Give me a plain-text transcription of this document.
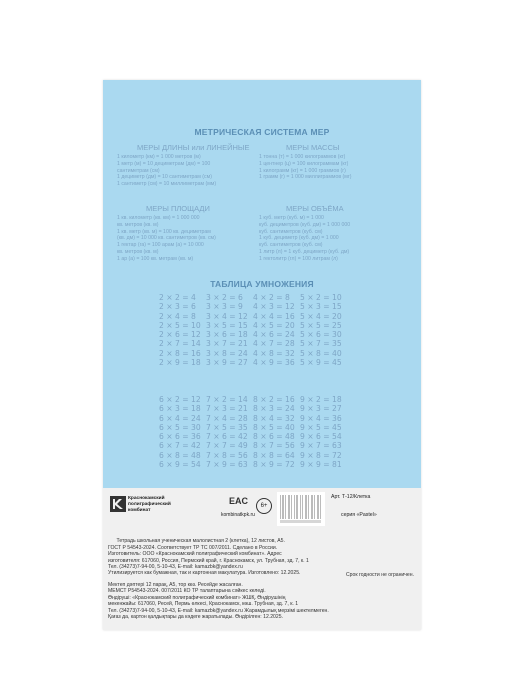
МЕТРИЧЕСКАЯ СИСТЕМА МЕР
МЕРЫ ДЛИНЫ или ЛИНЕЙНЫЕ
1 километр (км) = 1 000 метров (м)
1 метр (м) = 10 дециметрам (дм) = 100
сантиметрам (см)
1 дециметр (дм) = 10 сантиметрам (см)
1 сантиметр (см) = 10 миллиметрам (мм)
МЕРЫ МАССЫ
1 тонна (т) = 1 000 килограммов (кг)
1 центнер (ц) = 100 килограммам (кг)
1 килограмм (кг) = 1 000 граммов (г)
1 грамм (г) = 1 000 миллиграммов (мг)
МЕРЫ ПЛОЩАДИ
1 кв. километр (кв. км) = 1 000 000
кв. метров (кв. м)
1 кв. метр (кв. м) = 100 кв. дециметрам
(кв. дм) = 10 000 кв. сантиметров (кв. см)
1 гектар (га) = 100 арам (а) = 10 000
кв. метров (кв. м)
1 ар (а) = 100 кв. метрам (кв. м)
МЕРЫ ОБЪЁМА
1 куб. метр (куб. м) = 1 000
куб. дециметров (куб. дм) = 1 000 000
куб. сантиметров (куб. см)
1 куб. дециметр (куб. дм) = 1 000
куб. сантиметров (куб. см)
1 литр (л) = 1 куб. дециметр (куб. дм)
1 гектолитр (гл) = 100 литрам (л)
ТАБЛИЦА УМНОЖЕНИЯ
2 × 2 = 4
2 × 3 = 6
2 × 4 = 8
2 × 5 = 10
2 × 6 = 12
2 × 7 = 14
2 × 8 = 16
2 × 9 = 18
3 × 2 = 6
3 × 3 = 9
3 × 4 = 12
3 × 5 = 15
3 × 6 = 18
3 × 7 = 21
3 × 8 = 24
3 × 9 = 27
4 × 2 = 8
4 × 3 = 12
4 × 4 = 16
4 × 5 = 20
4 × 6 = 24
4 × 7 = 28
4 × 8 = 32
4 × 9 = 36
5 × 2 = 10
5 × 3 = 15
5 × 4 = 20
5 × 5 = 25
5 × 6 = 30
5 × 7 = 35
5 × 8 = 40
5 × 9 = 45
6 × 2 = 12
6 × 3 = 18
6 × 4 = 24
6 × 5 = 30
6 × 6 = 36
6 × 7 = 42
6 × 8 = 48
6 × 9 = 54
7 × 2 = 14
7 × 3 = 21
7 × 4 = 28
7 × 5 = 35
7 × 6 = 42
7 × 7 = 49
7 × 8 = 56
7 × 9 = 63
8 × 2 = 16
8 × 3 = 24
8 × 4 = 32
8 × 5 = 40
8 × 6 = 48
8 × 7 = 56
8 × 8 = 64
8 × 9 = 72
9 × 2 = 18
9 × 3 = 27
9 × 4 = 36
9 × 5 = 45
9 × 6 = 54
9 × 7 = 63
9 × 8 = 72
9 × 9 = 81
Краснокамский
полиграфический
комбинат
EAC
kombinatkpk.ru
6+
Арт. Т-12/Клетка
серия «Pastel»

Тетрадь школьная ученическая малолистная 2 (клетка), 12 листов, А5.
ГОСТ Р 54543-2024. Соответствует ТР ТС 007/2011. Сделано в России.
Изготовитель: ООО «Краснокамский полиграфический комбинат». Адрес
изготовителя: 617060, Россия, Пермский край, г. Краснокамск, ул. Трубная, зд. 7, к. 1
Тел. (34273)7-94-00, 5-10-43, E-mail: kamazbk@yandex.ru
Утилизируется как бумажная, так и картонная макулатура. Изготовлено: 12.2025.
	Срок годности не ограничен.
Мектеп дәптері 12 парақ, А5, тор көз. Ресейде жасалған.
МЕМСТ Р54543-2024. 007/2011 КО ТР талаптарына сәйкес келеді.
Өндіруші: «Краснокамский полиграфический комбинат» ЖШҚ. Өндірушінің
мекенжайы: 617060, Ресей, Пермь өлкесі, Краснокамск, көш. Трубная, зд. 7, к. 1
Тел. (34273)7-94-00, 5-10-43, E-mail: kamazbk@yandex.ru Жарамдылық мерзімі шектелмеген.
Қағаз да, картон қалдықтары да кәдеге жаратылады. Өндірілген: 12.2025.
